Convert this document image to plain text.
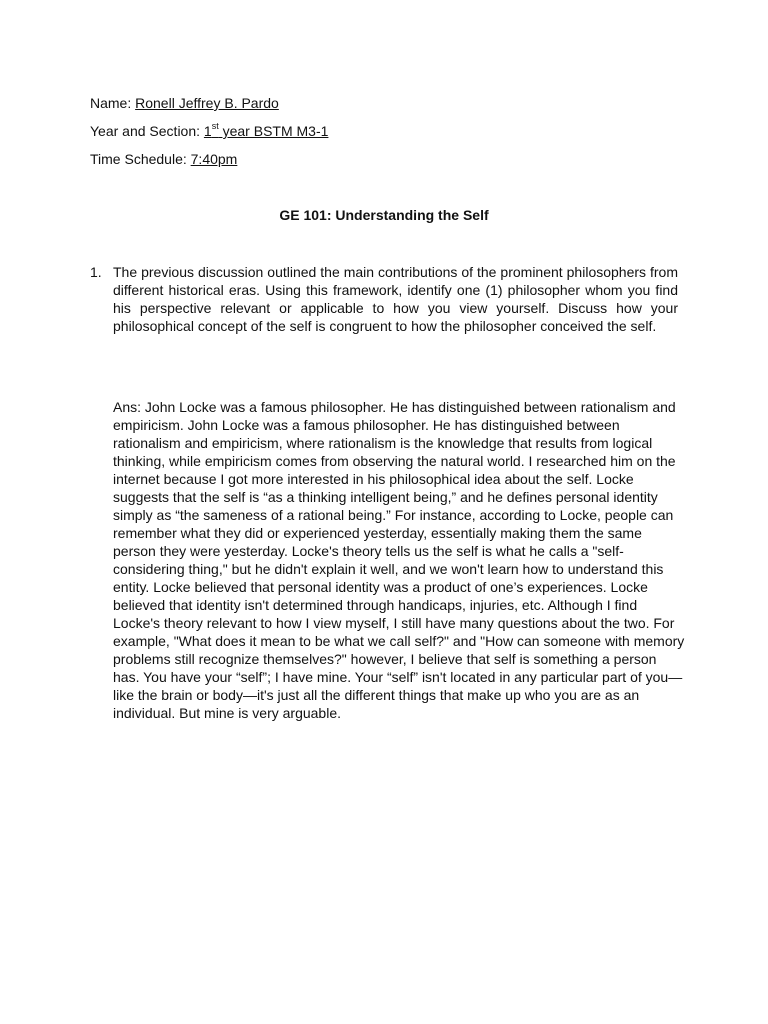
Name: Ronell Jeffrey B. Pardo
Year and Section: 1st year BSTM M3-1
Time Schedule: 7:40pm
GE 101: Understanding the Self
1. The previous discussion outlined the main contributions of the prominent philosophers from different historical eras. Using this framework, identify one (1) philosopher whom you find his perspective relevant or applicable to how you view yourself. Discuss how your philosophical concept of the self is congruent to how the philosopher conceived the self.
Ans: John Locke was a famous philosopher. He has distinguished between rationalism and empiricism. John Locke was a famous philosopher. He has distinguished between rationalism and empiricism, where rationalism is the knowledge that results from logical thinking, while empiricism comes from observing the natural world. I researched him on the internet because I got more interested in his philosophical idea about the self. Locke suggests that the self is “as a thinking intelligent being,” and he defines personal identity simply as “the sameness of a rational being.” For instance, according to Locke, people can remember what they did or experienced yesterday, essentially making them the same person they were yesterday. Locke's theory tells us the self is what he calls a "self-considering thing," but he didn't explain it well, and we won't learn how to understand this entity. Locke believed that personal identity was a product of one’s experiences. Locke believed that identity isn't determined through handicaps, injuries, etc. Although I find Locke's theory relevant to how I view myself, I still have many questions about the two. For example, "What does it mean to be what we call self?" and "How can someone with memory problems still recognize themselves?" however, I believe that self is something a person has. You have your “self”; I have mine. Your “self” isn't located in any particular part of you—like the brain or body—it's just all the different things that make up who you are as an individual. But mine is very arguable.
